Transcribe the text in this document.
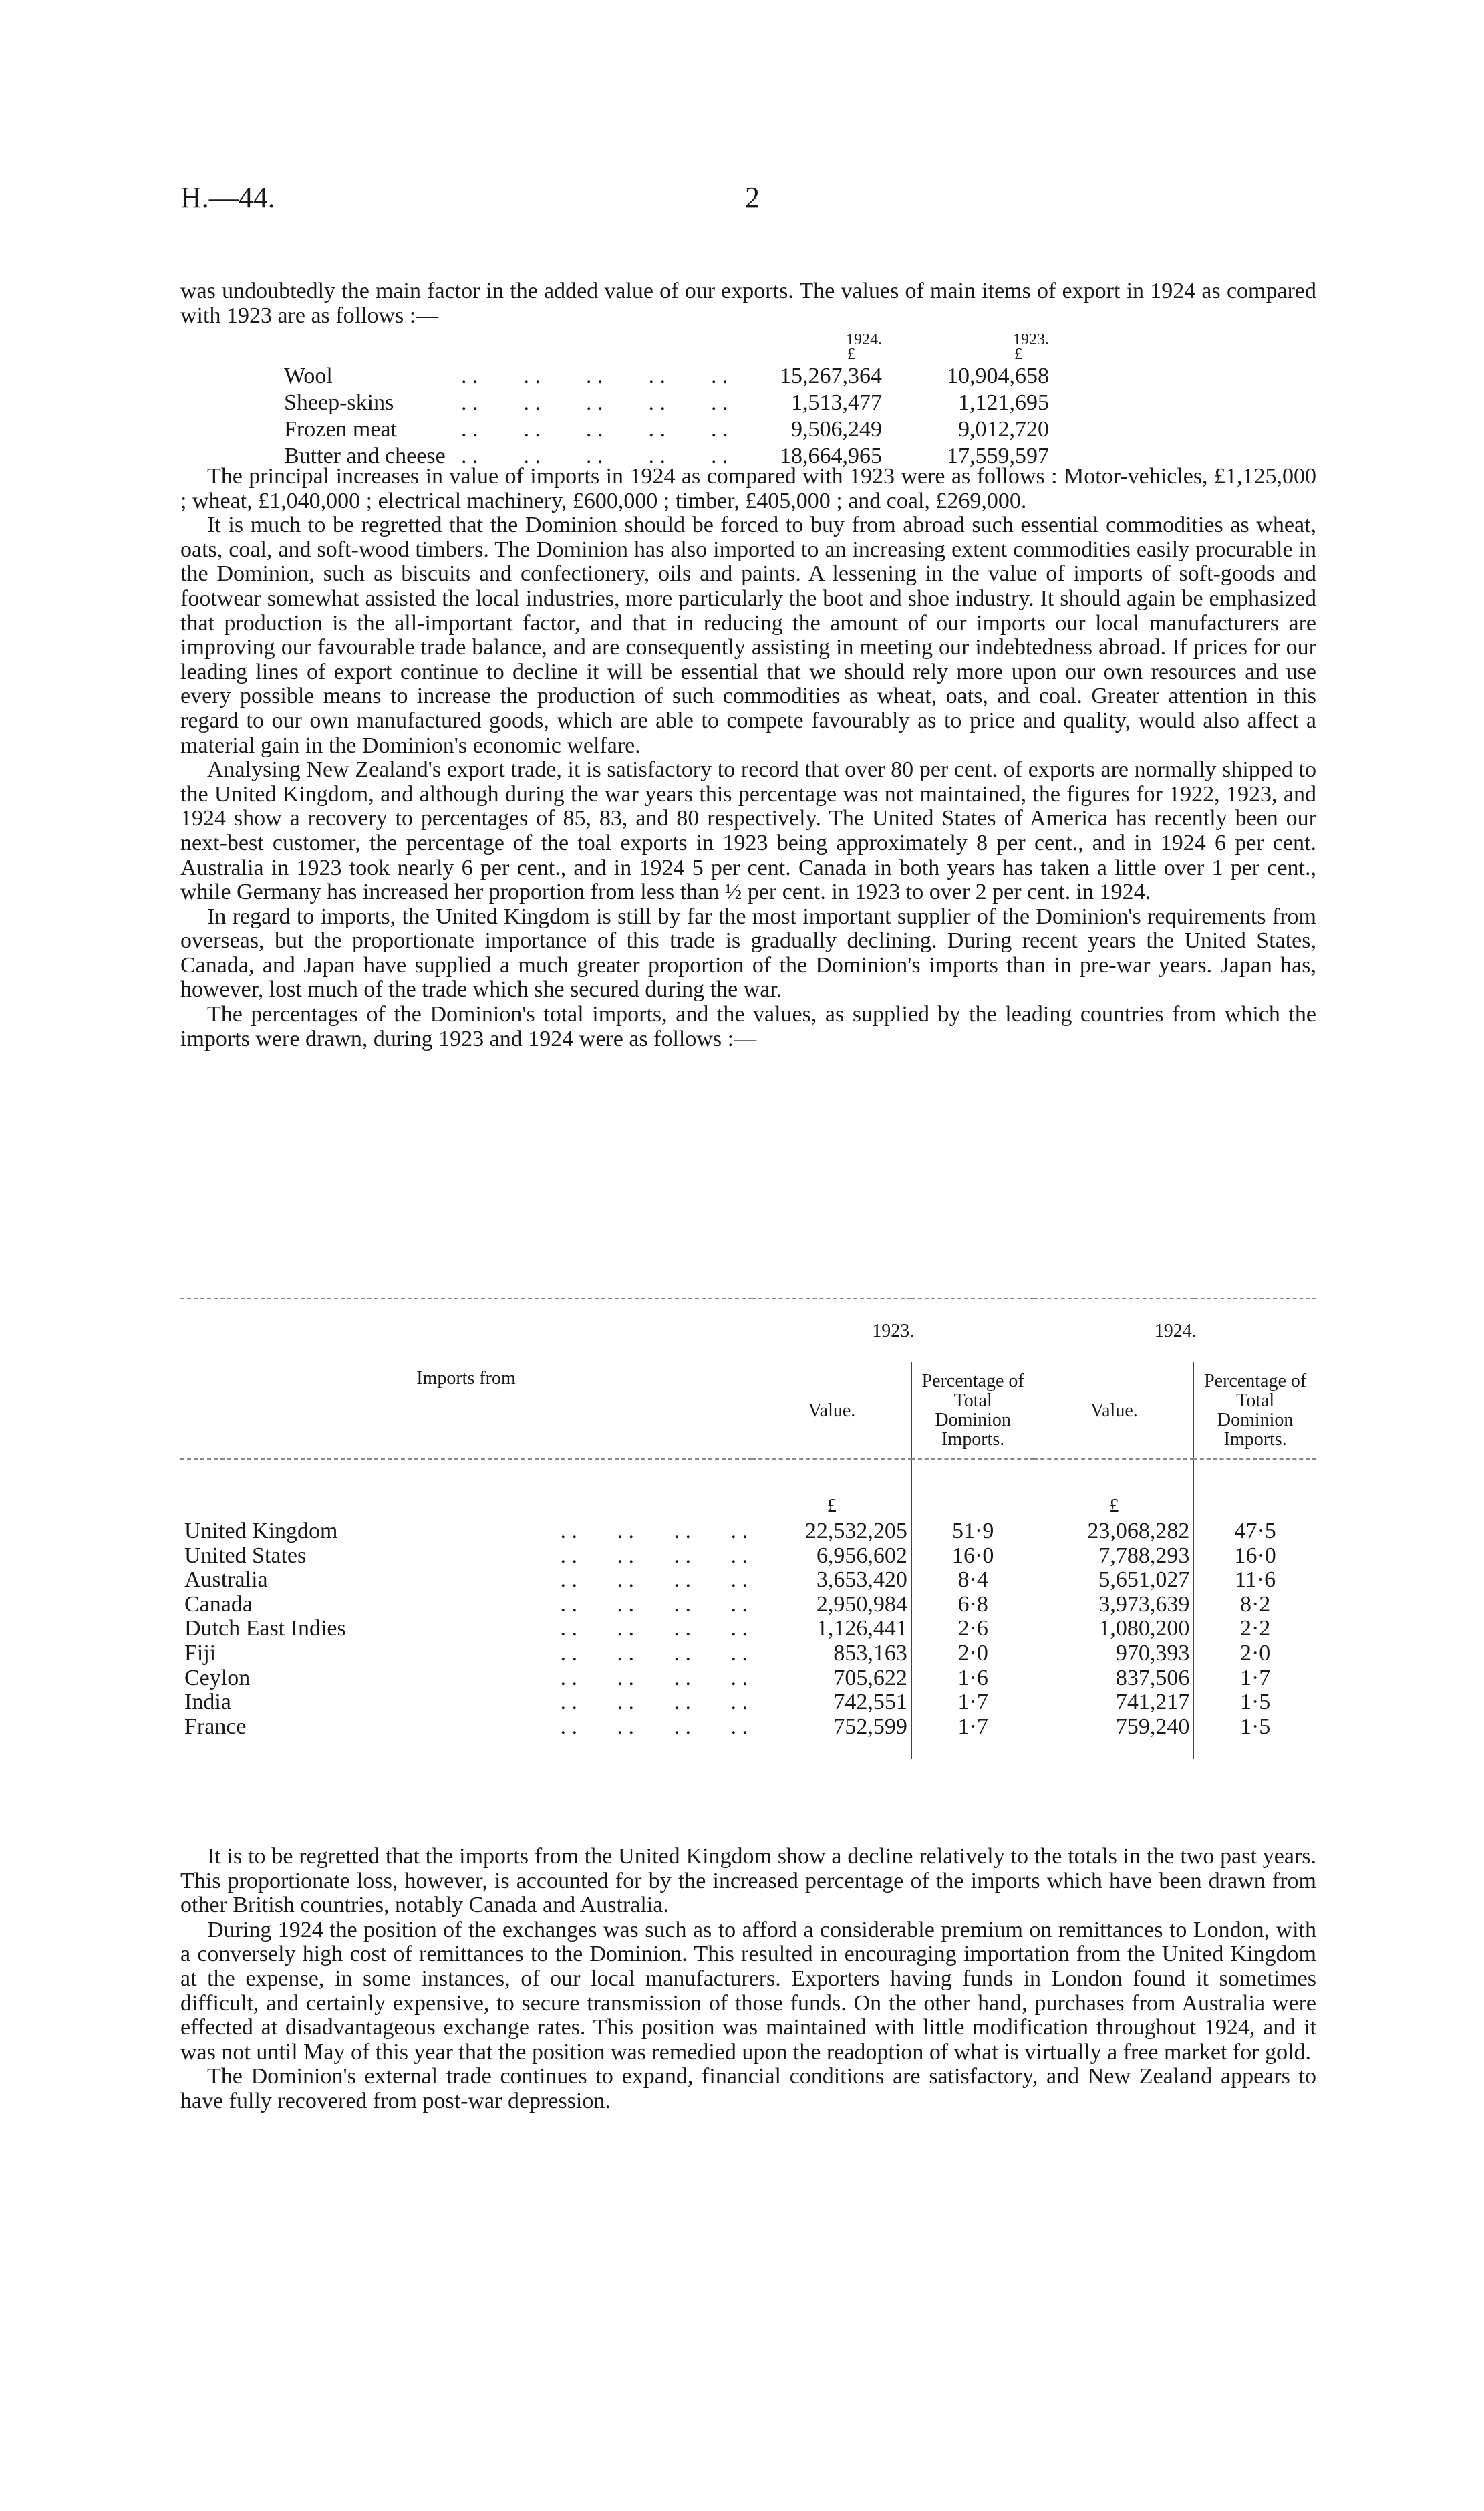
H.—44.	2

was undoubtedly the main factor in the added value of our exports. The values of main items of export in 1924 as compared with 1923 are as follows :—

1924.	1923.
£	£
Wool	. .        . .        . .        . .        . . 15,267,364	10,904,658
Sheep-skins	. .        . .        . .        . .        . .	1,513,477	1,121,695
Frozen meat	. .        . .        . .        . .        . .	9,506,249	9,012,720
Butter and cheese . .        . .        . .        . .        . . 18,664,965	17,559,597

The principal increases in value of imports in 1924 as compared with 1923 were as follows : Motor-vehicles, £1,125,000 ; wheat, £1,040,000 ; electrical machinery, £600,000 ; timber, £405,000 ; and coal, £269,000.

It is much to be regretted that the Dominion should be forced to buy from abroad such essential commodities as wheat, oats, coal, and soft-wood timbers. The Dominion has also imported to an increasing extent commodities easily procurable in the Dominion, such as biscuits and confectionery, oils and paints. A lessening in the value of imports of soft-goods and footwear somewhat assisted the local industries, more particularly the boot and shoe industry. It should again be emphasized that production is the all-important factor, and that in reducing the amount of our imports our local manufacturers are improving our favourable trade balance, and are consequently assisting in meeting our indebtedness abroad. If prices for our leading lines of export continue to decline it will be essential that we should rely more upon our own resources and use every possible means to increase the production of such commodities as wheat, oats, and coal. Greater attention in this regard to our own manufactured goods, which are able to compete favourably as to price and quality, would also affect a material gain in the Dominion's economic welfare.

Analysing New Zealand's export trade, it is satisfactory to record that over 80 per cent. of exports are normally shipped to the United Kingdom, and although during the war years this percentage was not maintained, the figures for 1922, 1923, and 1924 show a recovery to percentages of 85, 83, and 80 respectively. The United States of America has recently been our next-best customer, the percentage of the toal exports in 1923 being approximately 8 per cent., and in 1924 6 per cent. Australia in 1923 took nearly 6 per cent., and in 1924 5 per cent. Canada in both years has taken a little over 1 per cent., while Germany has increased her proportion from less than ½ per cent. in 1923 to over 2 per cent. in 1924.

In regard to imports, the United Kingdom is still by far the most important supplier of the Dominion's requirements from overseas, but the proportionate importance of this trade is gradually declining. During recent years the United States, Canada, and Japan have supplied a much greater proportion of the Dominion's imports than in pre-war years. Japan has, however, lost much of the trade which she secured during the war.

The percentages of the Dominion's total imports, and the values, as supplied by the leading countries from which the imports were drawn, during 1923 and 1924 were as follows :—

Imports from	1923.		1924.	
	Value.	Percentage of Total Dominion Imports.	Value.	Percentage of Total Dominion Imports.
	£		£	
United Kingdom . .       . .       . .       . .	22,532,205	51·9	23,068,282	47·5
United States . .       . .       . .       . .	6,956,602	16·0	7,788,293	16·0
Australia . .       . .       . .       . .	3,653,420	8·4	5,651,027	11·6
Canada . .       . .       . .       . .	2,950,984	6·8	3,973,639	8·2
Dutch East Indies . .       . .       . .       . .	1,126,441	2·6	1,080,200	2·2
Fiji . .       . .       . .       . .	853,163	2·0	970,393	2·0
Ceylon . .       . .       . .       . .	705,622	1·6	837,506	1·7
India . .       . .       . .       . .	742,551	1·7	741,217	1·5
France . .       . .       . .       . .	752,599	1·7	759,240	1·5

It is to be regretted that the imports from the United Kingdom show a decline relatively to the totals in the two past years. This proportionate loss, however, is accounted for by the increased percentage of the imports which have been drawn from other British countries, notably Canada and Australia.

During 1924 the position of the exchanges was such as to afford a considerable premium on remittances to London, with a conversely high cost of remittances to the Dominion. This resulted in encouraging importation from the United Kingdom at the expense, in some instances, of our local manufacturers. Exporters having funds in London found it sometimes difficult, and certainly expensive, to secure transmission of those funds. On the other hand, purchases from Australia were effected at disadvantageous exchange rates. This position was maintained with little modification throughout 1924, and it was not until May of this year that the position was remedied upon the readoption of what is virtually a free market for gold.

The Dominion's external trade continues to expand, financial conditions are satisfactory, and New Zealand appears to have fully recovered from post-war depression.
